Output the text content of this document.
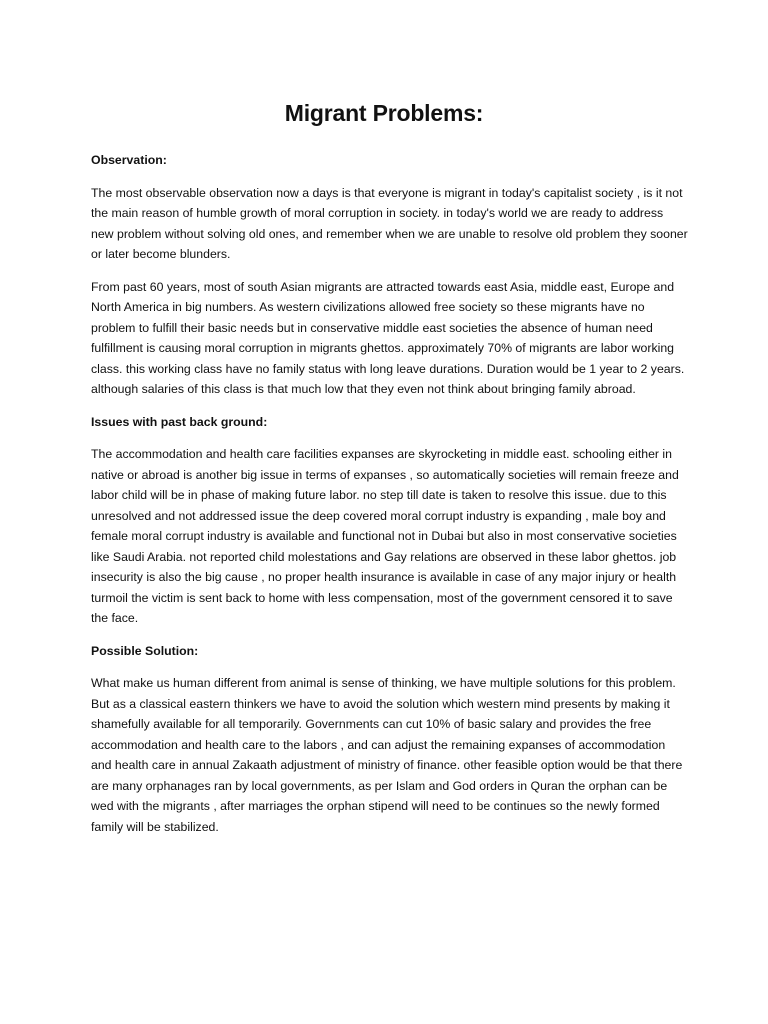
Migrant Problems:

Observation:

The most observable observation now a days is that everyone is migrant in today's capitalist society , is it not the main reason of humble growth of moral corruption in society. in today's world we are ready to address new problem without solving old ones, and remember when we are unable to resolve old problem they sooner or later become blunders.

From past 60 years, most of south Asian migrants are attracted towards east Asia, middle east, Europe and North America in big numbers. As western civilizations allowed free society so these migrants have no problem to fulfill their basic needs but in conservative middle east societies the absence of human need fulfillment is causing moral corruption in migrants ghettos. approximately 70% of migrants are labor working class. this working class have no family status with long leave durations. Duration would be 1 year to 2 years. although salaries of this class is that much low that they even not think about bringing family abroad.

Issues with past back ground:

The accommodation and health care facilities expanses are skyrocketing in middle east. schooling either in native or abroad is another big issue in terms of expanses , so automatically societies will remain freeze and labor child will be in phase of making future labor. no step till date is taken to resolve this issue. due to this unresolved and not addressed issue the deep covered moral corrupt industry is expanding , male boy and female moral corrupt industry is available and functional not in Dubai but also in most conservative societies like Saudi Arabia. not reported child molestations and Gay relations are observed in these labor ghettos. job insecurity is also the big cause , no proper health insurance is available in case of any major injury or health turmoil the victim is sent back to home with less compensation, most of the government censored it to save the face.

Possible Solution:

What make us human different from animal is sense of thinking, we have multiple solutions for this problem. But as a classical eastern thinkers we have to avoid the solution which western mind presents by making it shamefully available for all temporarily. Governments can cut 10% of basic salary and provides the free accommodation and health care to the labors , and can adjust the remaining expanses of accommodation and health care in annual Zakaath adjustment of ministry of finance. other feasible option would be that there are many orphanages ran by local governments, as per Islam and God orders in Quran the orphan can be wed with the migrants , after marriages the orphan stipend will need to be continues so the newly formed family will be stabilized.
